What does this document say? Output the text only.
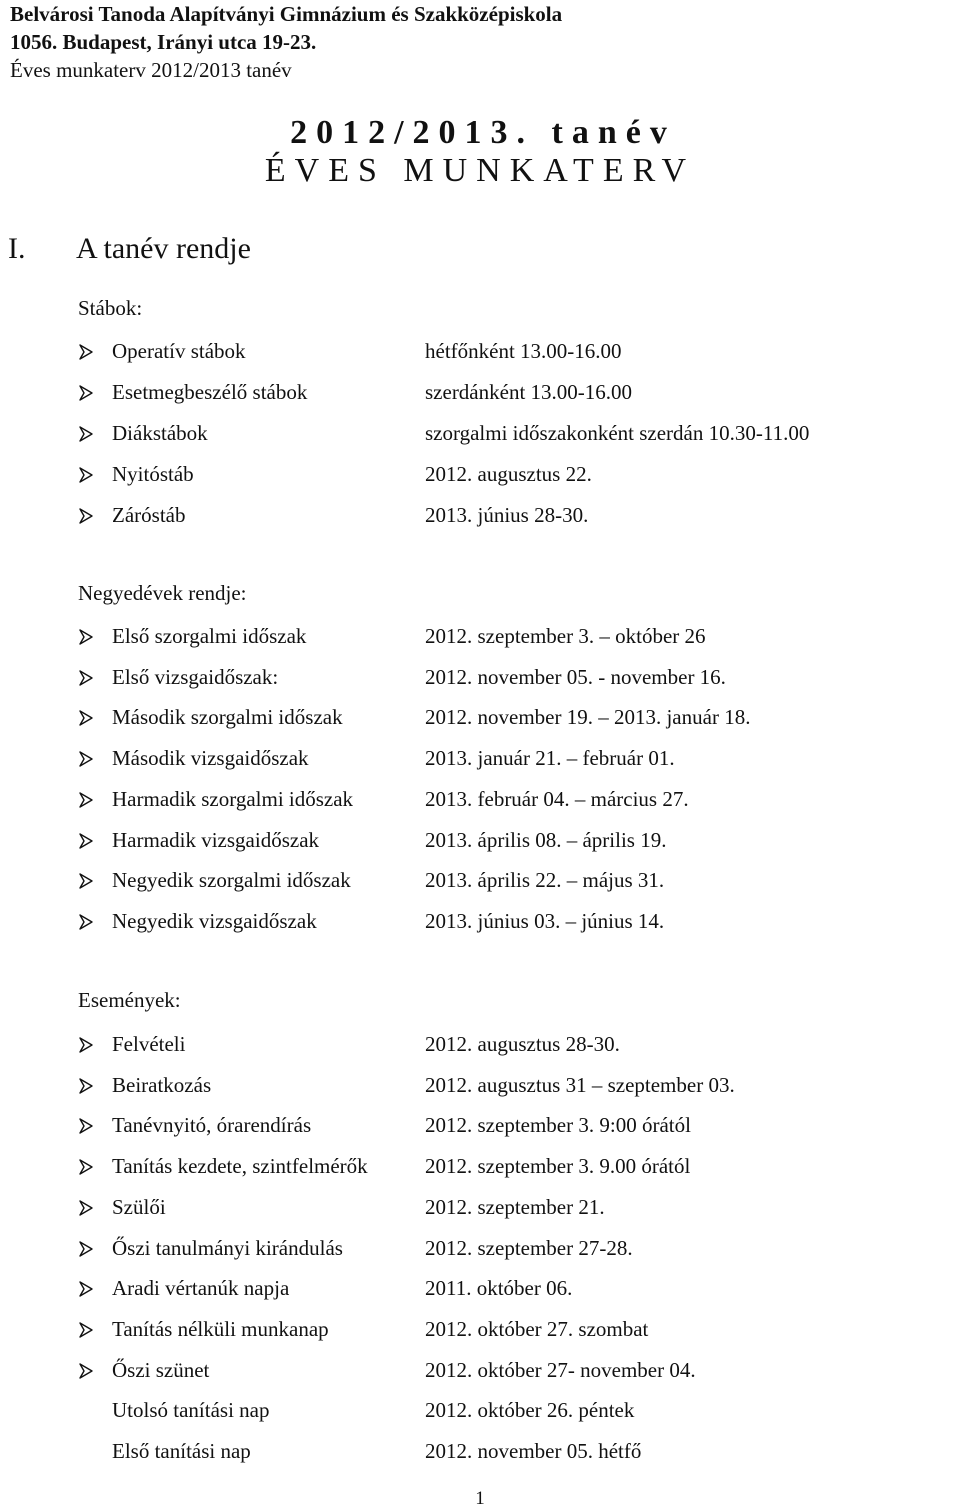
Belvárosi Tanoda Alapítványi Gimnázium és Szakközépiskola
1056. Budapest, Irányi utca 19-23.
Éves munkaterv 2012/2013 tanév
2012/2013. tanév
ÉVES MUNKATERV
I. A tanév rendje
Stábok:
Operatív stábok	hétfőnként 13.00-16.00
Esetmegbeszélő stábok	szerdánként 13.00-16.00
Diákstábok	szorgalmi időszakonként szerdán 10.30-11.00
Nyitóstáb	2012. augusztus 22.
Záróstáb	2013. június 28-30.
Negyedévek rendje:
Első szorgalmi időszak	2012. szeptember 3. – október 26
Első vizsgaidőszak:	2012. november 05. - november 16.
Második szorgalmi időszak	2012. november 19. – 2013. január 18.
Második vizsgaidőszak	2013. január 21. – február 01.
Harmadik szorgalmi időszak	2013. február 04. – március 27.
Harmadik vizsgaidőszak	2013. április 08. – április 19.
Negyedik szorgalmi időszak	2013. április 22. – május 31.
Negyedik vizsgaidőszak	2013. június 03. – június 14.
Események:
Felvételi	2012. augusztus 28-30.
Beiratkozás	2012. augusztus 31 – szeptember 03.
Tanévnyitó, órarendírás	2012. szeptember 3. 9:00 órától
Tanítás kezdete, szintfelmérők	2012. szeptember 3. 9.00 órától
Szülői	2012. szeptember 21.
Őszi tanulmányi kirándulás	2012. szeptember 27-28.
Aradi vértanúk napja	2011. október 06.
Tanítás nélküli munkanap	2012. október 27. szombat
Őszi szünet	2012. október 27- november 04.
Utolsó tanítási nap	2012. október 26. péntek
Első tanítási nap	2012. november 05. hétfő
1
